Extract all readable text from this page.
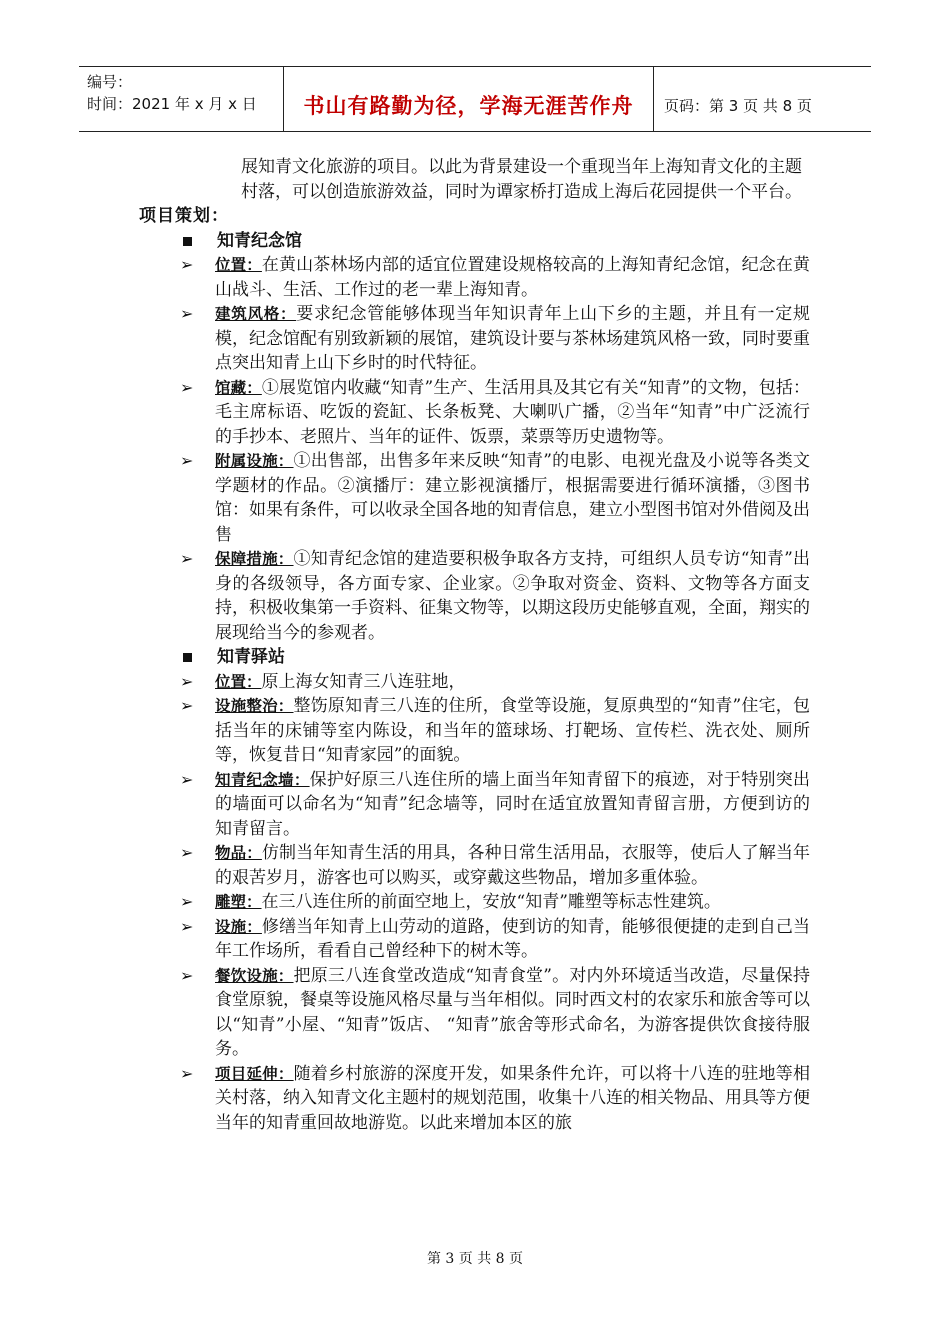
编号：
时间：2021 年 x 月 x 日	书山有路勤为径，学海无涯苦作舟	页码：第 3 页 共 8 页
展知青文化旅游的项目。以此为背景建设一个重现当年上海知青文化的主题村落，可以创造旅游效益，同时为谭家桥打造成上海后花园提供一个平台。
项目策划：
知青纪念馆
➢	位置：在黄山茶林场内部的适宜位置建设规格较高的上海知青纪念馆，纪念在黄山战斗、生活、工作过的老一辈上海知青。
➢	建筑风格：要求纪念管能够体现当年知识青年上山下乡的主题，并且有一定规模，纪念馆配有别致新颖的展馆，建筑设计要与茶林场建筑风格一致，同时要重点突出知青上山下乡时的时代特征。
➢	馆藏：①展览馆内收藏“知青”生产、生活用具及其它有关“知青”的文物，包括：毛主席标语、吃饭的瓷缸、长条板凳、大喇叭广播，②当年“知青”中广泛流行的手抄本、老照片、当年的证件、饭票，菜票等历史遗物等。
➢	附属设施：①出售部，出售多年来反映“知青”的电影、电视光盘及小说等各类文学题材的作品。②演播厅：建立影视演播厅，根据需要进行循环演播，③图书馆：如果有条件，可以收录全国各地的知青信息，建立小型图书馆对外借阅及出售
➢	保障措施：①知青纪念馆的建造要积极争取各方支持，可组织人员专访“知青”出身的各级领导，各方面专家、企业家。②争取对资金、资料、文物等各方面支持，积极收集第一手资料、征集文物等，以期这段历史能够直观，全面，翔实的展现给当今的参观者。
知青驿站
➢	位置：原上海女知青三八连驻地，
➢	设施整治：整饬原知青三八连的住所，食堂等设施，复原典型的“知青”住宅，包括当年的床铺等室内陈设，和当年的篮球场、打靶场、宣传栏、洗衣处、厕所等，恢复昔日“知青家园”的面貌。
➢	知青纪念墙：保护好原三八连住所的墙上面当年知青留下的痕迹，对于特别突出的墙面可以命名为“知青”纪念墙等，同时在适宜放置知青留言册，方便到访的知青留言。
➢	物品：仿制当年知青生活的用具，各种日常生活用品，衣服等，使后人了解当年的艰苦岁月，游客也可以购买，或穿戴这些物品，增加多重体验。
➢	雕塑：在三八连住所的前面空地上，安放“知青”雕塑等标志性建筑。
➢	设施：修缮当年知青上山劳动的道路，使到访的知青，能够很便捷的走到自己当年工作场所，看看自己曾经种下的树木等。
➢	餐饮设施：把原三八连食堂改造成“知青食堂”。对内外环境适当改造，尽量保持食堂原貌，餐桌等设施风格尽量与当年相似。同时西文村的农家乐和旅舍等可以以“知青”小屋、“知青”饭店、 “知青”旅舍等形式命名，为游客提供饮食接待服务。
➢	项目延伸：随着乡村旅游的深度开发，如果条件允许，可以将十八连的驻地等相关村落，纳入知青文化主题村的规划范围，收集十八连的相关物品、用具等方便当年的知青重回故地游览。以此来增加本区的旅
第 3 页 共 8 页
